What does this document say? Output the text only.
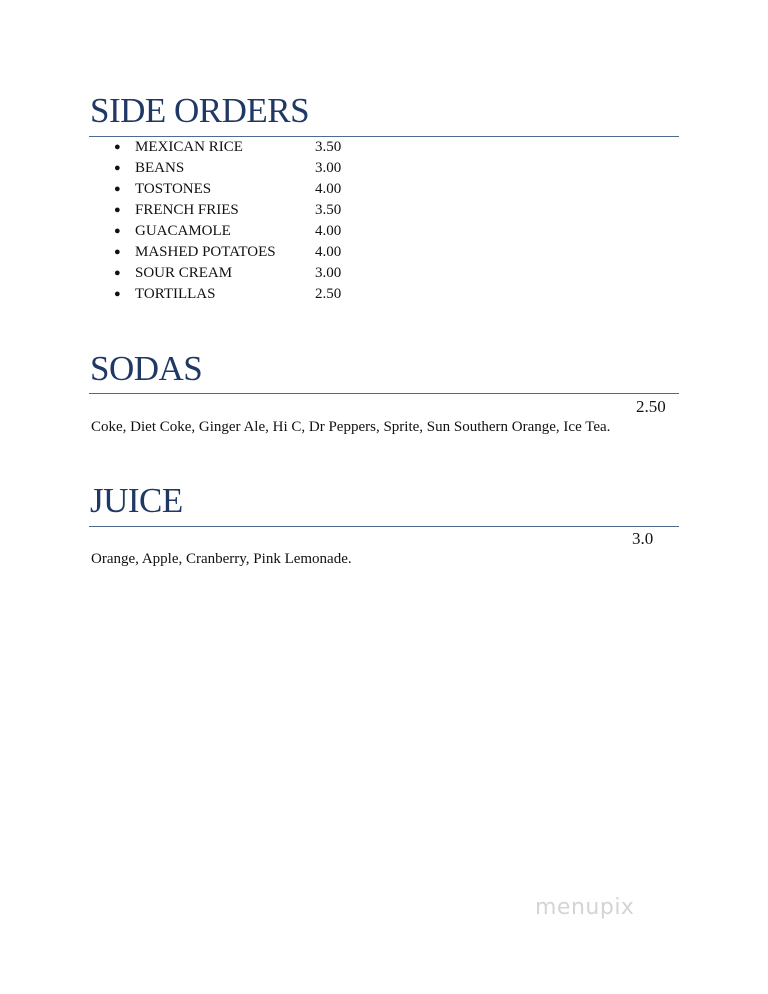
SIDE ORDERS
● MEXICAN RICE	3.50
● BEANS	3.00
● TOSTONES	4.00
● FRENCH FRIES	3.50
● GUACAMOLE	4.00
● MASHED POTATOES	4.00
● SOUR CREAM	3.00
● TORTILLAS	2.50
SODAS
2.50
Coke, Diet Coke, Ginger Ale, Hi C, Dr Peppers, Sprite, Sun Southern Orange, Ice Tea.
JUICE
3.0
Orange, Apple, Cranberry, Pink Lemonade.
menupix
